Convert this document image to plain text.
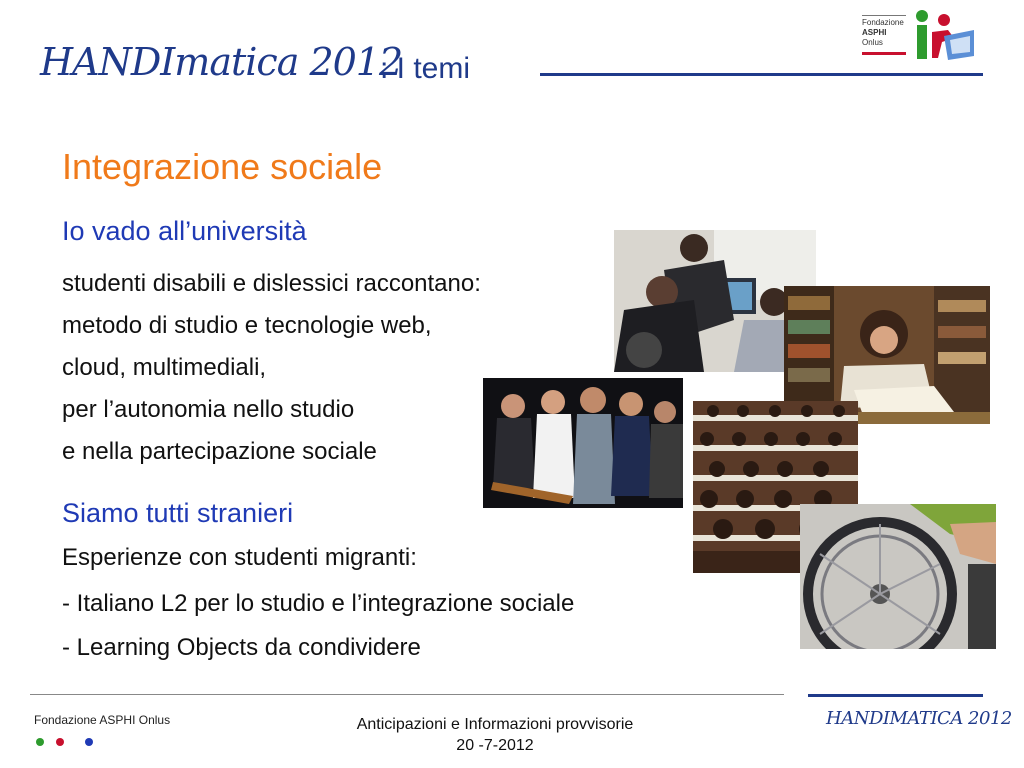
HANDImatica 2012
: I temi
Fondazione
ASPHI
Onlus
Integrazione sociale
Io vado all’università
studenti disabili e dislessici raccontano:
metodo di studio e tecnologie web,
cloud, multimediali,
per l’autonomia nello studio
e nella partecipazione sociale
Siamo tutti stranieri
Esperienze con studenti migranti:
- Italiano L2 per lo studio e l’integrazione sociale
- Learning Objects da condividere
Fondazione ASPHI Onlus	Anticipazioni e Informazioni provvisorie
20 -7-2012
HANDIMATICA 2012
